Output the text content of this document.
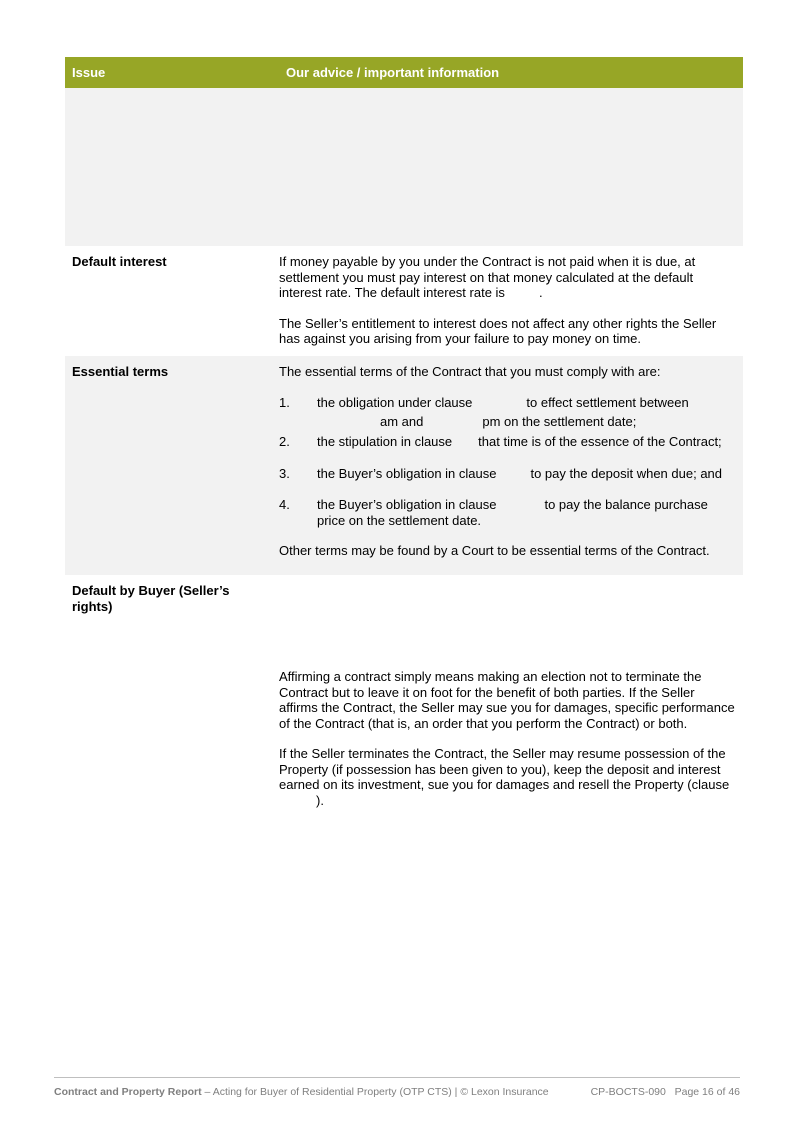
Issue	Our advice / important information
Default interest	If money payable by you under the Contract is not paid when it is due, at settlement you must pay interest on that money calculated at the default interest rate. The default interest rate is	.

The Seller’s entitlement to interest does not affect any other rights the Seller has against you arising from your failure to pay money on time.

Essential terms	The essential terms of the Contract that you must comply with are:

1.	the obligation under clause	to effect settlement between
am and	pm on the settlement date;
2.	the stipulation in clause that time is of the essence of the Contract;
3.	the Buyer’s obligation in clause	to pay the deposit when due; and
4.	the Buyer’s obligation in clause	to pay the balance purchase price on the settlement date.

Other terms may be found by a Court to be essential terms of the Contract.

Default by Buyer (Seller’s rights)

Affirming a contract simply means making an election not to terminate the Contract but to leave it on foot for the benefit of both parties. If the Seller affirms the Contract, the Seller may sue you for damages, specific performance of the Contract (that is, an order that you perform the Contract) or both.

If the Seller terminates the Contract, the Seller may resume possession of the Property (if possession has been given to you), keep the deposit and interest earned on its investment, sue you for damages and resell the Property (clause).

Contract and Property Report – Acting for Buyer of Residential Property (OTP CTS) | © Lexon Insurance	CP-BOCTS-090 Page 16 of 46
